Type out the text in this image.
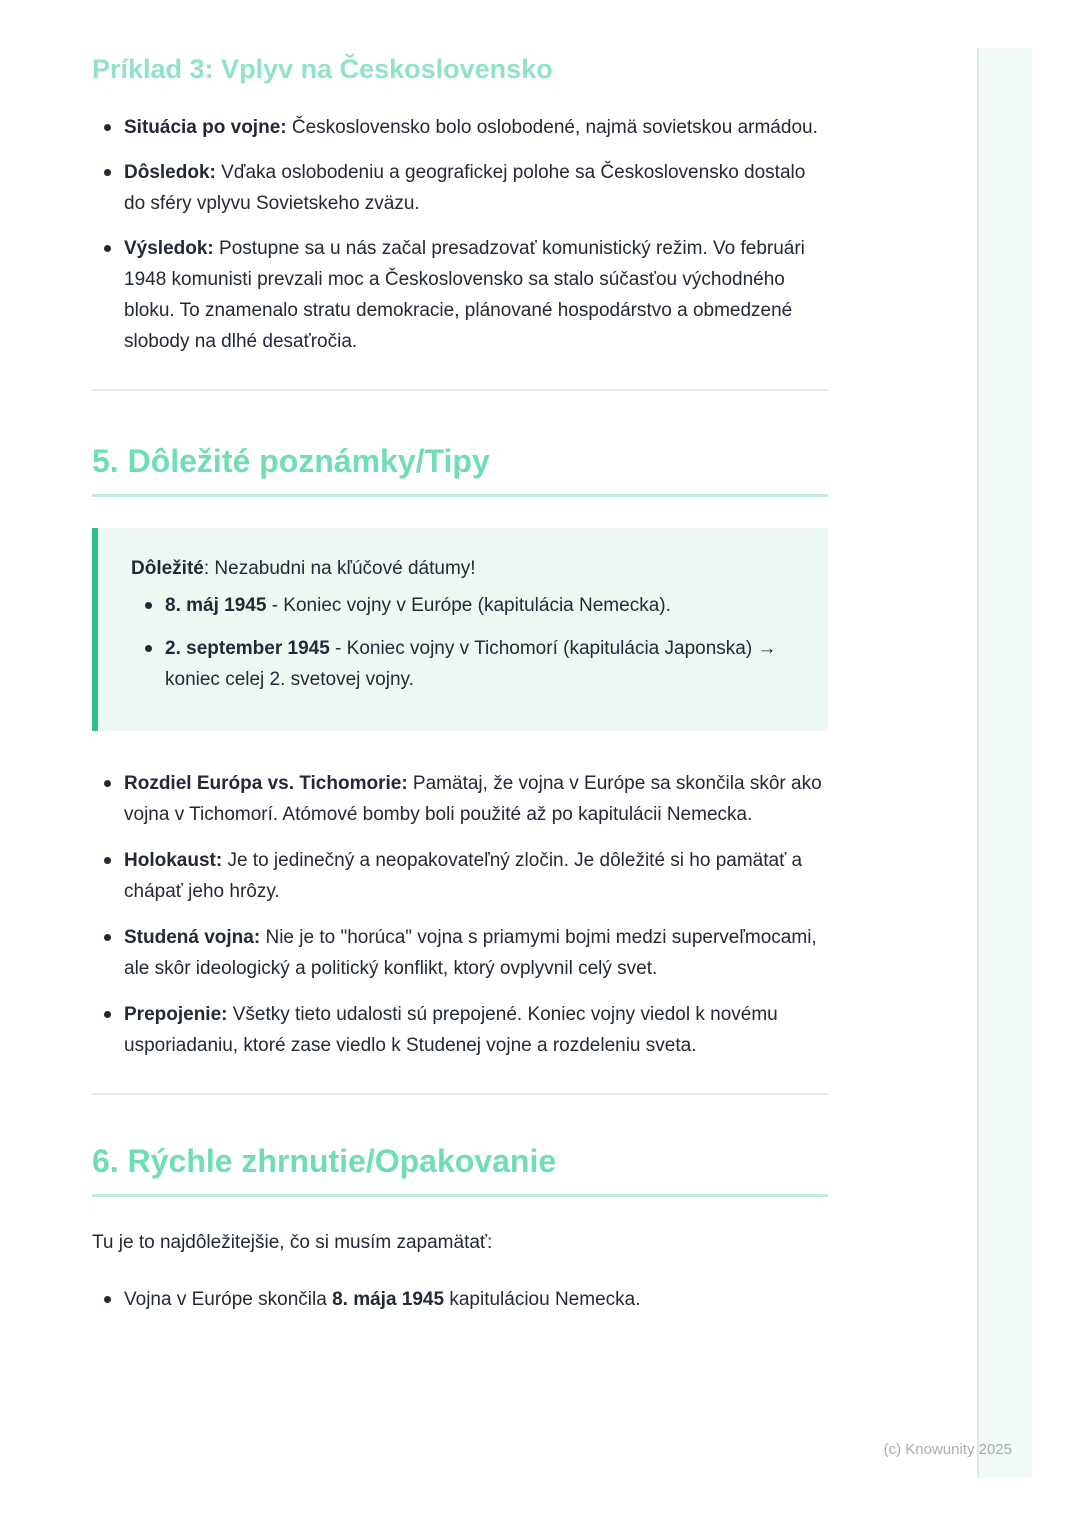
Príklad 3: Vplyv na Československo
Situácia po vojne: Československo bolo oslobodené, najmä sovietskou armádou.
Dôsledok: Vďaka oslobodeniu a geografickej polohe sa Československo dostalo do sféry vplyvu Sovietskeho zväzu.
Výsledok: Postupne sa u nás začal presadzovať komunistický režim. Vo februári 1948 komunisti prevzali moc a Československo sa stalo súčasťou východného bloku. To znamenalo stratu demokracie, plánované hospodárstvo a obmedzené slobody na dlhé desaťročia.
5. Dôležité poznámky/Tipy
Dôležité: Nezabudni na kľúčové dátumy!
8. máj 1945 - Koniec vojny v Európe (kapitulácia Nemecka).
2. september 1945 - Koniec vojny v Tichomorí (kapitulácia Japonska) → koniec celej 2. svetovej vojny.
Rozdiel Európa vs. Tichomorie: Pamätaj, že vojna v Európe sa skončila skôr ako vojna v Tichomorí. Atómové bomby boli použité až po kapitulácii Nemecka.
Holokaust: Je to jedinečný a neopakovateľný zločin. Je dôležité si ho pamätať a chápať jeho hrôzy.
Studená vojna: Nie je to "horúca" vojna s priamymi bojmi medzi superveľmocami, ale skôr ideologický a politický konflikt, ktorý ovplyvnil celý svet.
Prepojenie: Všetky tieto udalosti sú prepojené. Koniec vojny viedol k novému usporiadaniu, ktoré zase viedlo k Studenej vojne a rozdeleniu sveta.
6. Rýchle zhrnutie/Opakovanie

Tu je to najdôležitejšie, čo si musím zapamätať:

Vojna v Európe skončila 8. mája 1945 kapituláciou Nemecka.
(c) Knowunity 2025
